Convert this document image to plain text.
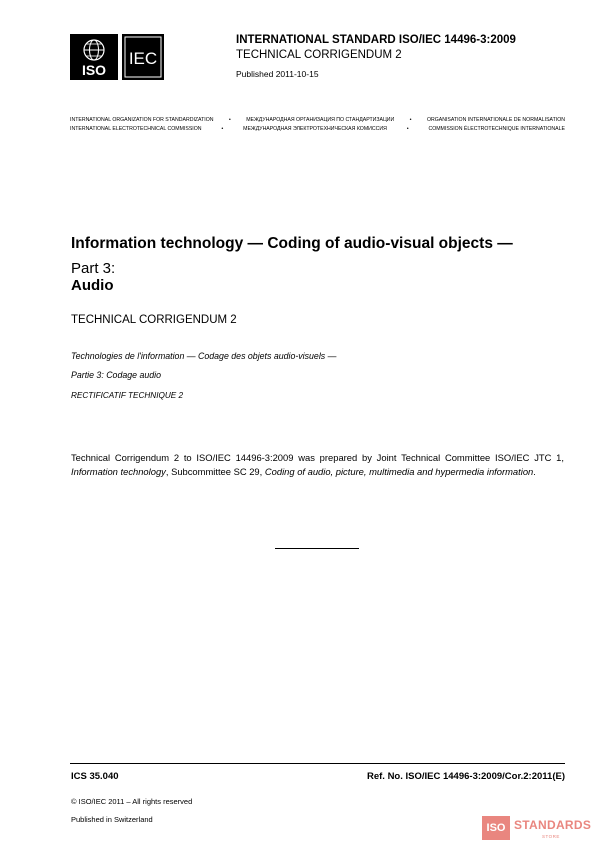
ISO
IEC
INTERNATIONAL STANDARD ISO/IEC 14496-3:2009
TECHNICAL CORRIGENDUM 2
Published 2011-10-15
INTERNATIONAL ORGANIZATION FOR STANDARDIZATION	•	МЕЖДУНАРОДНАЯ ОРГАНИЗАЦИЯ ПО СТАНДАРТИЗАЦИИ	•	ORGANISATION INTERNATIONALE DE NORMALISATION
INTERNATIONAL ELECTROTECHNICAL COMMISSION	•	МЕЖДУНАРОДНАЯ ЭЛЕКТРОТЕХНИЧЕСКАЯ КОМИССИЯ	•	COMMISSION ÉLECTROTECHNIQUE INTERNATIONALE
Information technology — Coding of audio-visual objects —
Part 3:
Audio
TECHNICAL CORRIGENDUM 2
Technologies de l'information — Codage des objets audio-visuels —
Partie 3: Codage audio
RECTIFICATIF TECHNIQUE 2
Technical Corrigendum 2 to ISO/IEC 14496-3:2009 was prepared by Joint Technical Committee ISO/IEC JTC 1, Information technology, Subcommittee SC 29, Coding of audio, picture, multimedia and hypermedia information.
ICS 35.040	Ref. No. ISO/IEC 14496-3:2009/Cor.2:2011(E)
© ISO/IEC 2011 – All rights reserved
Published in Switzerland
ISO STANDARDS
STORE
